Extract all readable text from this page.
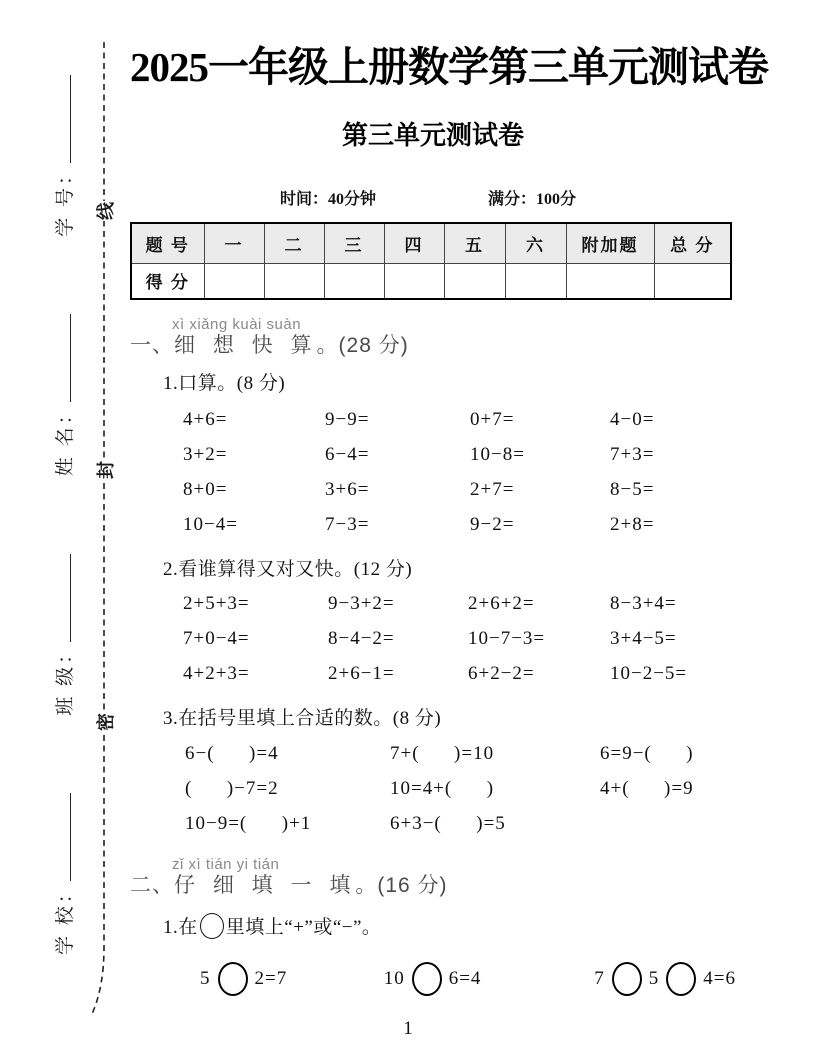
线
封
密
学 校：
班 级：
姓 名：
学 号：
2025一年级上册数学第三单元测试卷
第三单元测试卷
时间：40分钟	满分：100分
题 号	一	二	三	四	五	六	附加题	总 分
得 分								
xì xiǎng kuài suàn
一、细 想 快 算 。(28 分)
1.口算。(8 分)
4+6=	9−9=	0+7=	4−0=
3+2=	6−4=	10−8=	7+3=
8+0=	3+6=	2+7=	8−5=
10−4=	7−3=	9−2=	2+8=
2.看谁算得又对又快。(12 分)
2+5+3=	9−3+2=	2+6+2=	8−3+4=
7+0−4=	8−4−2=	10−7−3=	3+4−5=
4+2+3=	2+6−1=	6+2−2=	10−2−5=
3.在括号里填上合适的数。(8 分)
6−(      )=4	7+(      )=10	6=9−(      )
(      )−7=2	10=4+(      )	4+(      )=9
10−9=(      )+1	6+3−(      )=5
zǐ xì tián yi tián
二、仔 细 填 一 填 。(16 分)
1.在 里填上“+”或“−”。
5 2=7	10 6=4	7 5 4=6
1
